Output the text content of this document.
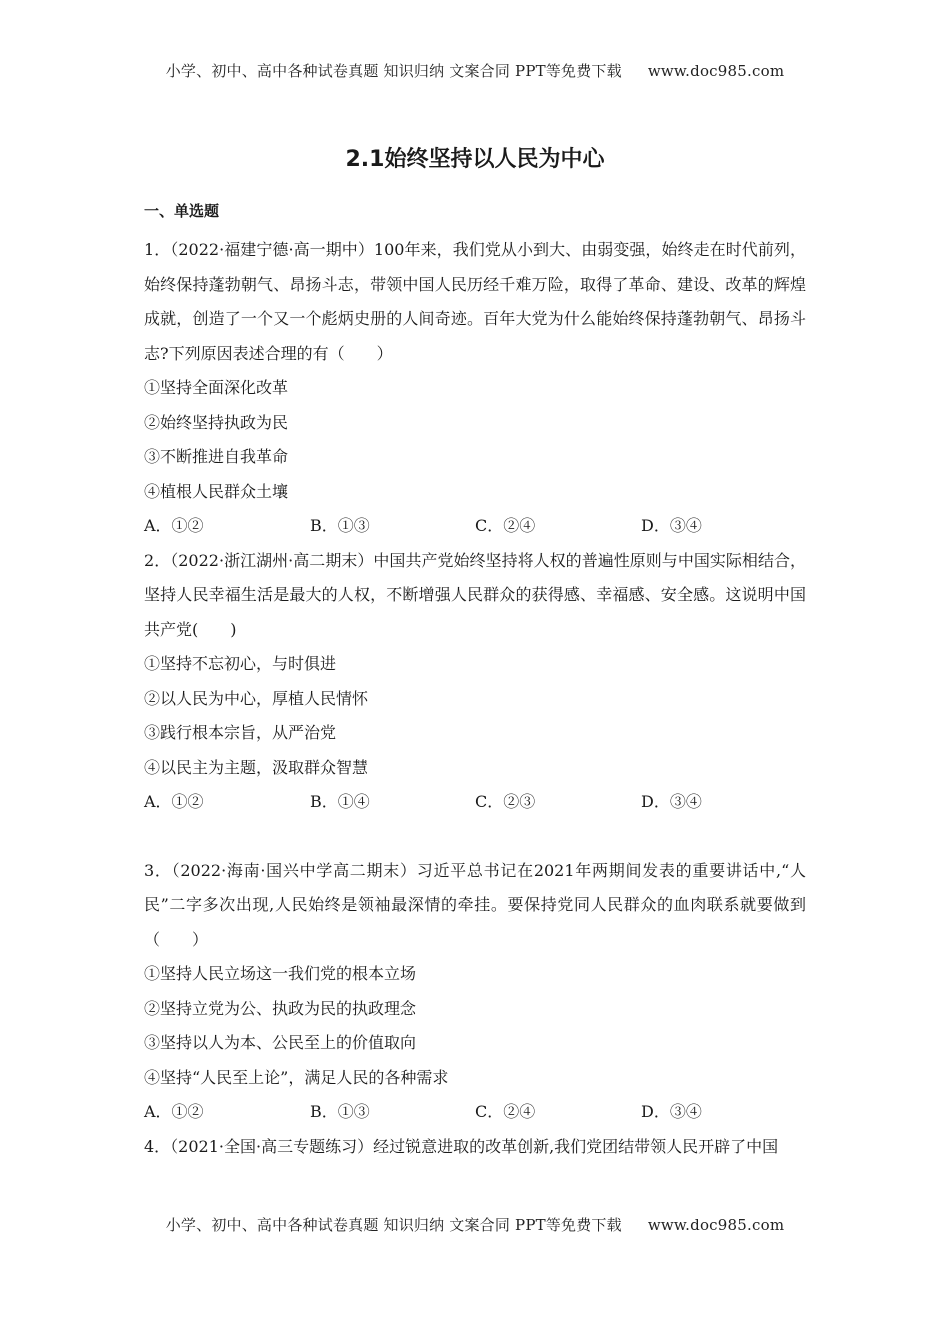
小学、初中、高中各种试卷真题 知识归纳 文案合同 PPT等免费下载 www.doc985.com
2.1始终坚持以人民为中心
一、单选题
1．（2022·福建宁德·高一期中）100年来，我们党从小到大、由弱变强，始终走在时代前列，始终保持蓬勃朝气、昂扬斗志，带领中国人民历经千难万险，取得了革命、建设、改革的辉煌成就，创造了一个又一个彪炳史册的人间奇迹。百年大党为什么能始终保持蓬勃朝气、昂扬斗志?下列原因表述合理的有（　　）
①坚持全面深化改革
②始终坚持执政为民
③不断推进自我革命
④植根人民群众土壤
A．①②	B．①③	C．②④	D．③④
2．（2022·浙江湖州·高二期末）中国共产党始终坚持将人权的普遍性原则与中国实际相结合，坚持人民幸福生活是最大的人权，不断增强人民群众的获得感、幸福感、安全感。这说明中国共产党(　　)
①坚持不忘初心，与时俱进
②以人民为中心，厚植人民情怀
③践行根本宗旨，从严治党
④以民主为主题，汲取群众智慧
A．①②	B．①④	C．②③	D．③④
3．（2022·海南·国兴中学高二期末）习近平总书记在2021年两期间发表的重要讲话中,“人民”二字多次出现,人民始终是领袖最深情的牵挂。要保持党同人民群众的血肉联系就要做到（　　）
①坚持人民立场这一我们党的根本立场
②坚持立党为公、执政为民的执政理念
③坚持以人为本、公民至上的价值取向
④坚持“人民至上论”，满足人民的各种需求
A．①②	B．①③	C．②④	D．③④
4．（2021·全国·高三专题练习）经过锐意进取的改革创新,我们党团结带领人民开辟了中国
小学、初中、高中各种试卷真题 知识归纳 文案合同 PPT等免费下载 www.doc985.com
